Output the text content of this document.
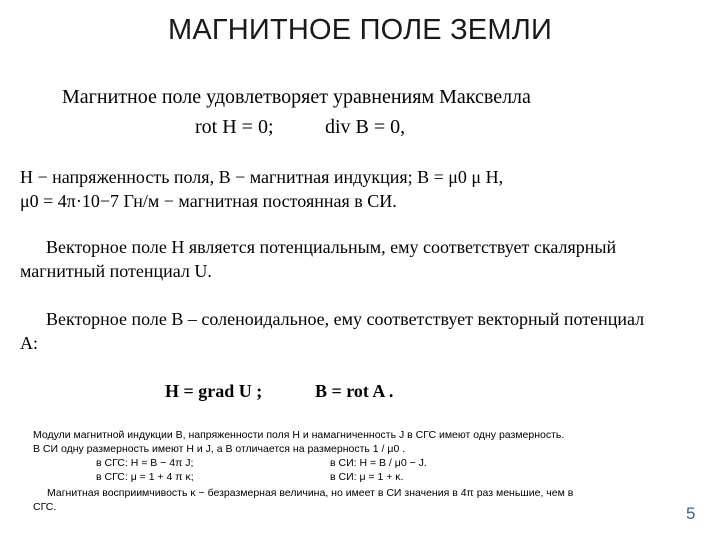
МАГНИТНОЕ ПОЛЕ ЗЕМЛИ
Магнитное поле удовлетворяет уравнениям Максвелла
rot H = 0;	div B = 0,
H − напряженность поля, B − магнитная индукция; B = μ0 μ H,
μ0 = 4π·10−7 Гн/м − магнитная постоянная в СИ.
Векторное поле H является потенциальным, ему соответствует скалярный
магнитный потенциал U.
Векторное поле B – соленоидальное, ему соответствует векторный потенциал
A:
H = grad U ;	B = rot A .
Модули магнитной индукции B, напряженности поля H и намагниченность J в СГС имеют одну размерность.
В СИ одну размерность имеют H и J, а B отличается на размерность 1 / μ0 .
в СГС: H = B − 4π J;	в СИ: H = B / μ0 − J.
в СГС: μ = 1 + 4 π κ;	в СИ: μ = 1 + κ.
Магнитная восприимчивость κ − безразмерная величина, но имеет в СИ значения в 4π раз меньшие, чем в
СГС.	5
